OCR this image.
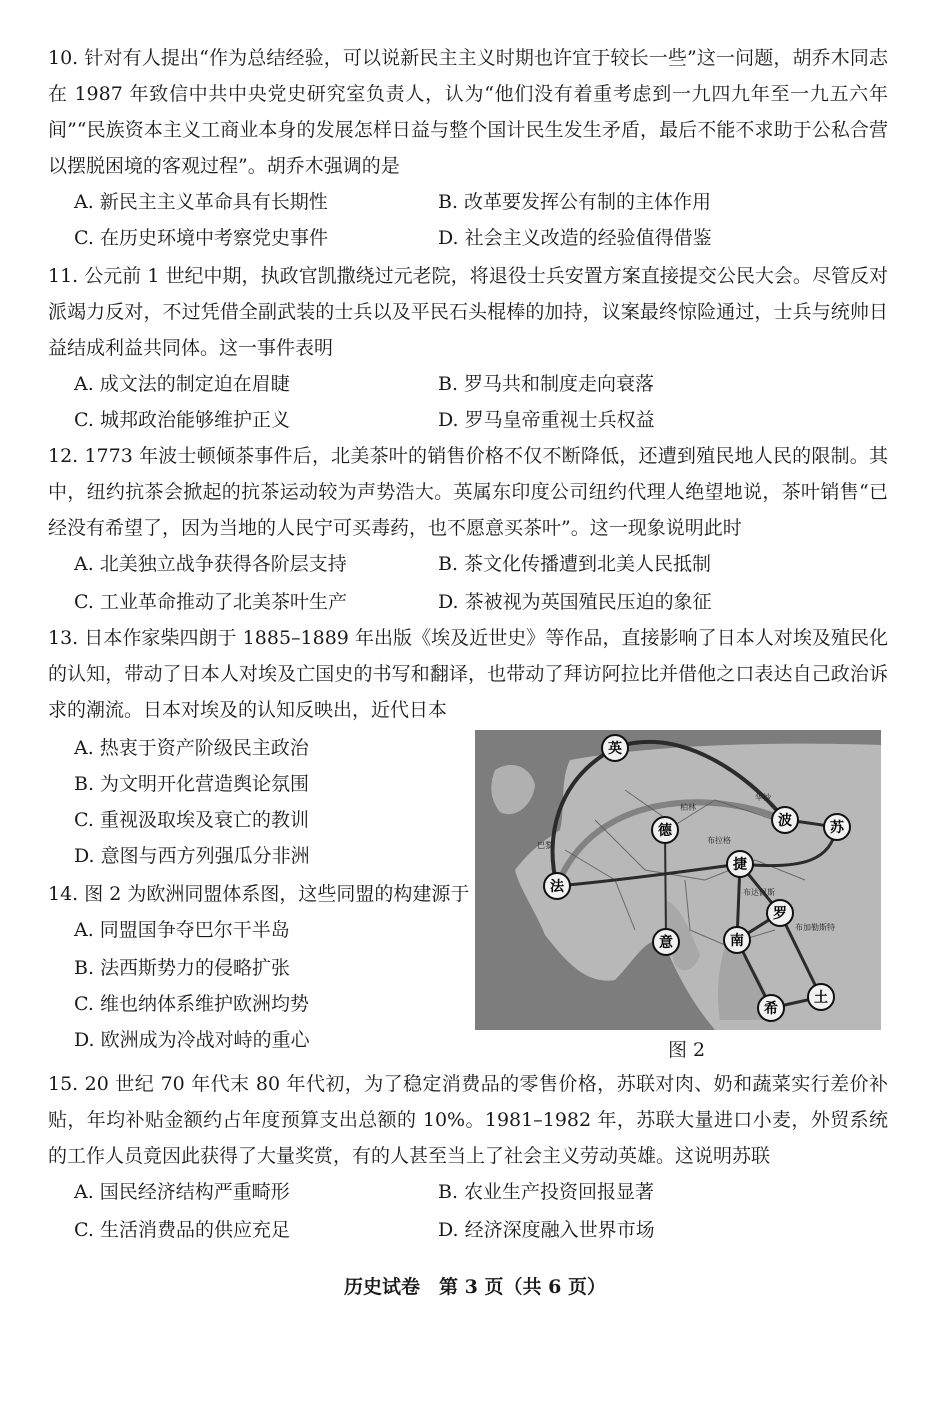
10. 针对有人提出“作为总结经验，可以说新民主主义时期也许宜于较长一些”这一问题，胡乔木同志在 1987 年致信中共中央党史研究室负责人，认为“他们没有着重考虑到一九四九年至一九五六年间”“民族资本主义工商业本身的发展怎样日益与整个国计民生发生矛盾，最后不能不求助于公私合营以摆脱困境的客观过程”。胡乔木强调的是
A. 新民主主义革命具有长期性	B. 改革要发挥公有制的主体作用
C. 在历史环境中考察党史事件	D. 社会主义改造的经验值得借鉴
11. 公元前 1 世纪中期，执政官凯撒绕过元老院，将退役士兵安置方案直接提交公民大会。尽管反对派竭力反对，不过凭借全副武装的士兵以及平民石头棍棒的加持，议案最终惊险通过，士兵与统帅日益结成利益共同体。这一事件表明
A. 成文法的制定迫在眉睫	B. 罗马共和制度走向衰落
C. 城邦政治能够维护正义	D. 罗马皇帝重视士兵权益
12. 1773 年波士顿倾茶事件后，北美茶叶的销售价格不仅不断降低，还遭到殖民地人民的限制。其中，纽约抗茶会掀起的抗茶运动较为声势浩大。英属东印度公司纽约代理人绝望地说，茶叶销售“已经没有希望了，因为当地的人民宁可买毒药，也不愿意买茶叶”。这一现象说明此时
A. 北美独立战争获得各阶层支持	B. 茶文化传播遭到北美人民抵制
C. 工业革命推动了北美茶叶生产	D. 茶被视为英国殖民压迫的象征
13. 日本作家柴四朗于 1885–1889 年出版《埃及近世史》等作品，直接影响了日本人对埃及殖民化的认知，带动了日本人对埃及亡国史的书写和翻译，也带动了拜访阿拉比并借他之口表达自己政治诉求的潮流。日本对埃及的认知反映出，近代日本
A. 热衷于资产阶级民主政治
B. 为文明开化营造舆论氛围
C. 重视汲取埃及衰亡的教训
D. 意图与西方列强瓜分非洲
14. 图 2 为欧洲同盟体系图，这些同盟的构建源于
A. 同盟国争夺巴尔干半岛
B. 法西斯势力的侵略扩张
C. 维也纳体系维护欧洲均势
D. 欧洲成为冷战对峙的重心
巴黎
布拉格
华沙
布达佩斯
布加勒斯特
柏林
英
德
波	苏
法
捷
罗
南
意
希
土
图 2
15. 20 世纪 70 年代末 80 年代初，为了稳定消费品的零售价格，苏联对肉、奶和蔬菜实行差价补贴，年均补贴金额约占年度预算支出总额的 10%。1981–1982 年，苏联大量进口小麦，外贸系统的工作人员竟因此获得了大量奖赏，有的人甚至当上了社会主义劳动英雄。这说明苏联
A. 国民经济结构严重畸形	B. 农业生产投资回报显著
C. 生活消费品的供应充足	D. 经济深度融入世界市场
历史试卷　第 3 页（共 6 页）
